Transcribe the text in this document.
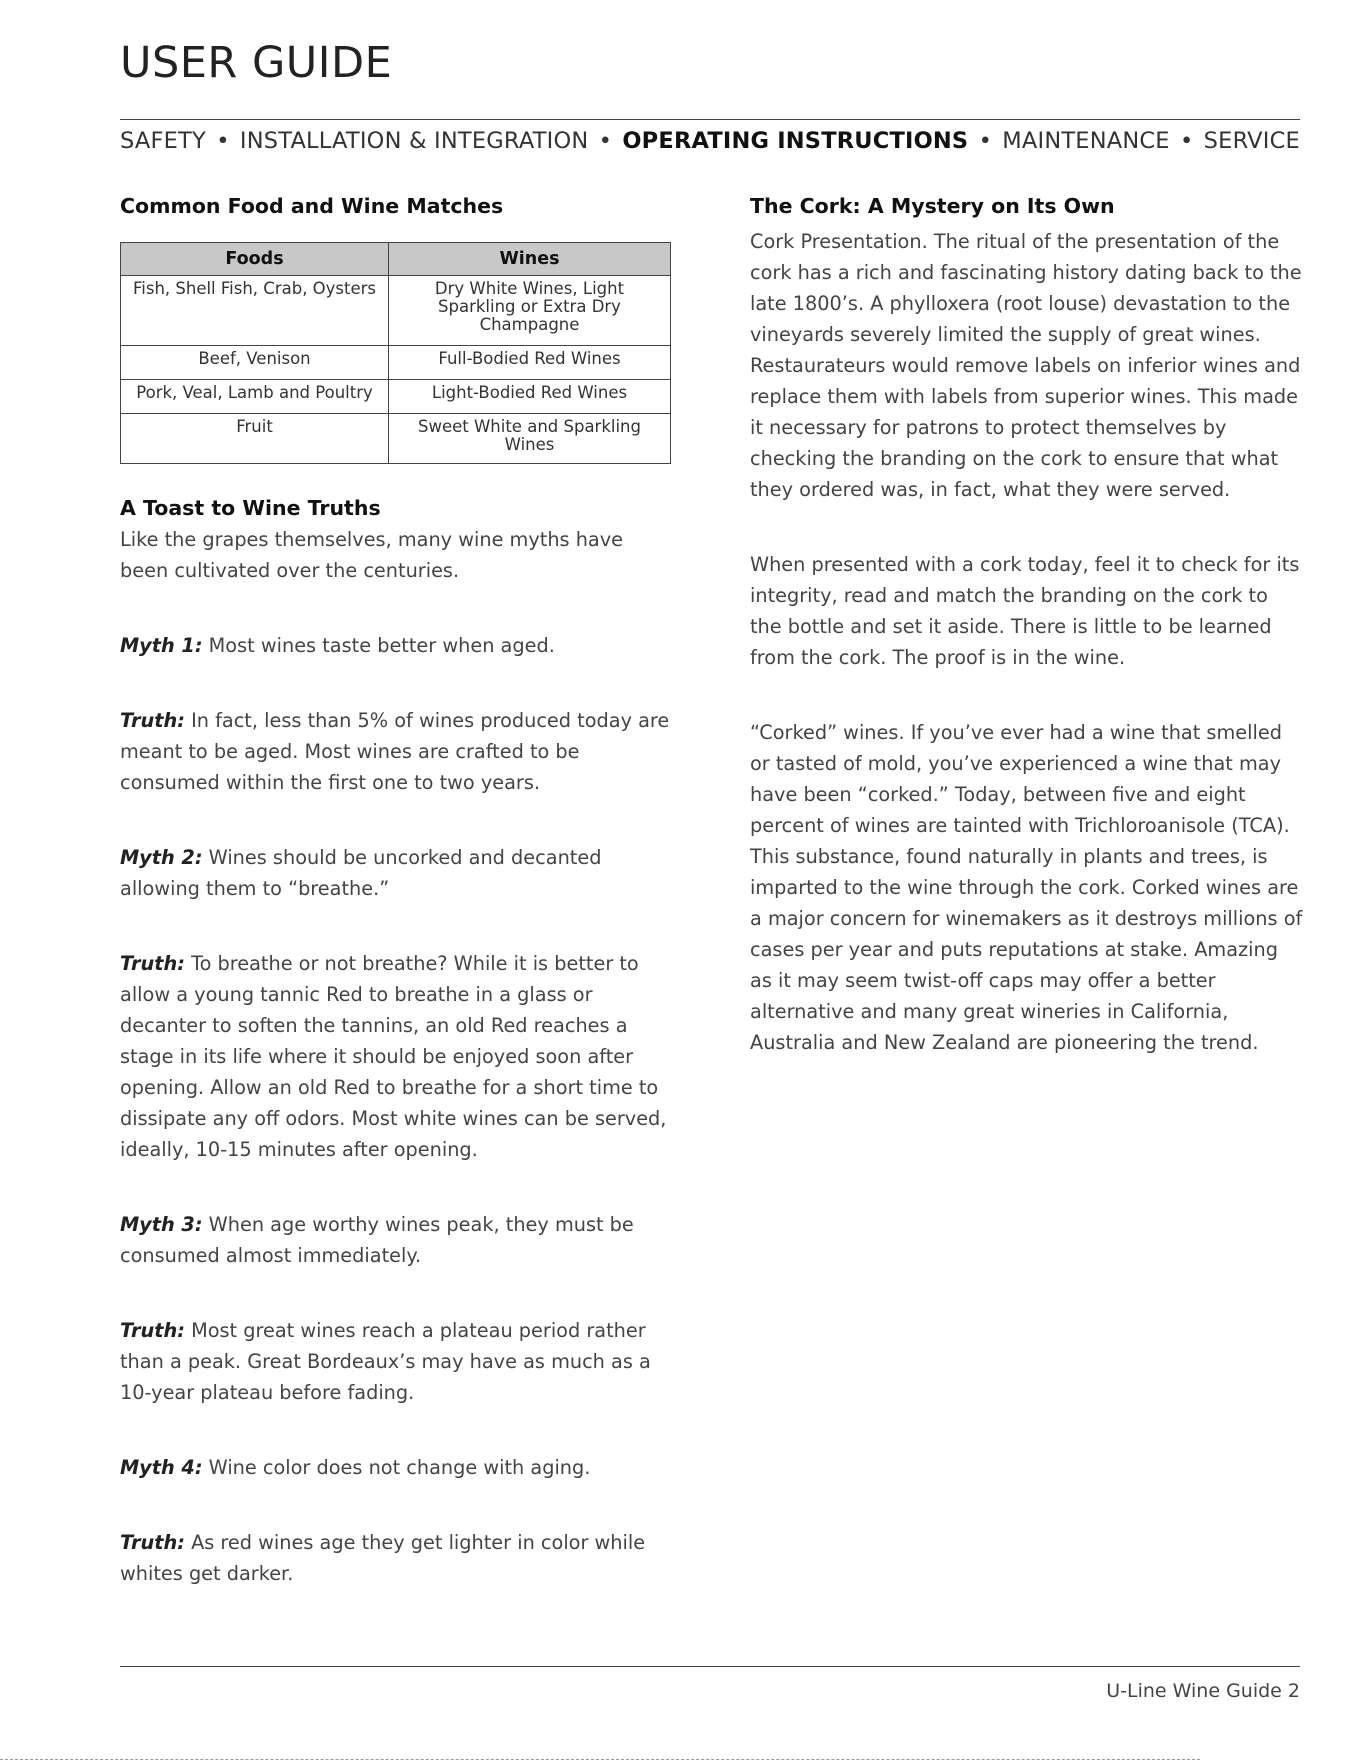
USER GUIDE
SAFETY • INSTALLATION & INTEGRATION • OPERATING INSTRUCTIONS • MAINTENANCE • SERVICE
Common Food and Wine Matches
Foods	Wines
Fish, Shell Fish, Crab, Oysters	Dry White Wines, Light Sparkling or Extra Dry Champagne
Beef, Venison	Full-Bodied Red Wines
Pork, Veal, Lamb and Poultry	Light-Bodied Red Wines
Fruit	Sweet White and Sparkling Wines
A Toast to Wine Truths

Like the grapes themselves, many wine myths have been cultivated over the centuries.

Myth 1: Most wines taste better when aged.

Truth: In fact, less than 5% of wines produced today are meant to be aged. Most wines are crafted to be consumed within the first one to two years.

Myth 2: Wines should be uncorked and decanted allowing them to “breathe.”

Truth: To breathe or not breathe? While it is better to allow a young tannic Red to breathe in a glass or decanter to soften the tannins, an old Red reaches a stage in its life where it should be enjoyed soon after opening. Allow an old Red to breathe for a short time to dissipate any off odors. Most white wines can be served, ideally, 10-15 minutes after opening.

Myth 3: When age worthy wines peak, they must be consumed almost immediately.

Truth: Most great wines reach a plateau period rather than a peak. Great Bordeaux’s may have as much as a 10-year plateau before fading.

Myth 4: Wine color does not change with aging.

Truth: As red wines age they get lighter in color while whites get darker.

The Cork: A Mystery on Its Own

Cork Presentation. The ritual of the presentation of the cork has a rich and fascinating history dating back to the late 1800’s. A phylloxera (root louse) devastation to the vineyards severely limited the supply of great wines. Restaurateurs would remove labels on inferior wines and replace them with labels from superior wines. This made it necessary for patrons to protect themselves by checking the branding on the cork to ensure that what they ordered was, in fact, what they were served.

When presented with a cork today, feel it to check for its integrity, read and match the branding on the cork to the bottle and set it aside. There is little to be learned from the cork. The proof is in the wine.

“Corked” wines. If you’ve ever had a wine that smelled or tasted of mold, you’ve experienced a wine that may have been “corked.” Today, between five and eight percent of wines are tainted with Trichloroanisole (TCA). This substance, found naturally in plants and trees, is imparted to the wine through the cork. Corked wines are a major concern for winemakers as it destroys millions of cases per year and puts reputations at stake. Amazing as it may seem twist-off caps may offer a better alternative and many great wineries in California, Australia and New Zealand are pioneering the trend.

U-Line Wine Guide 2
